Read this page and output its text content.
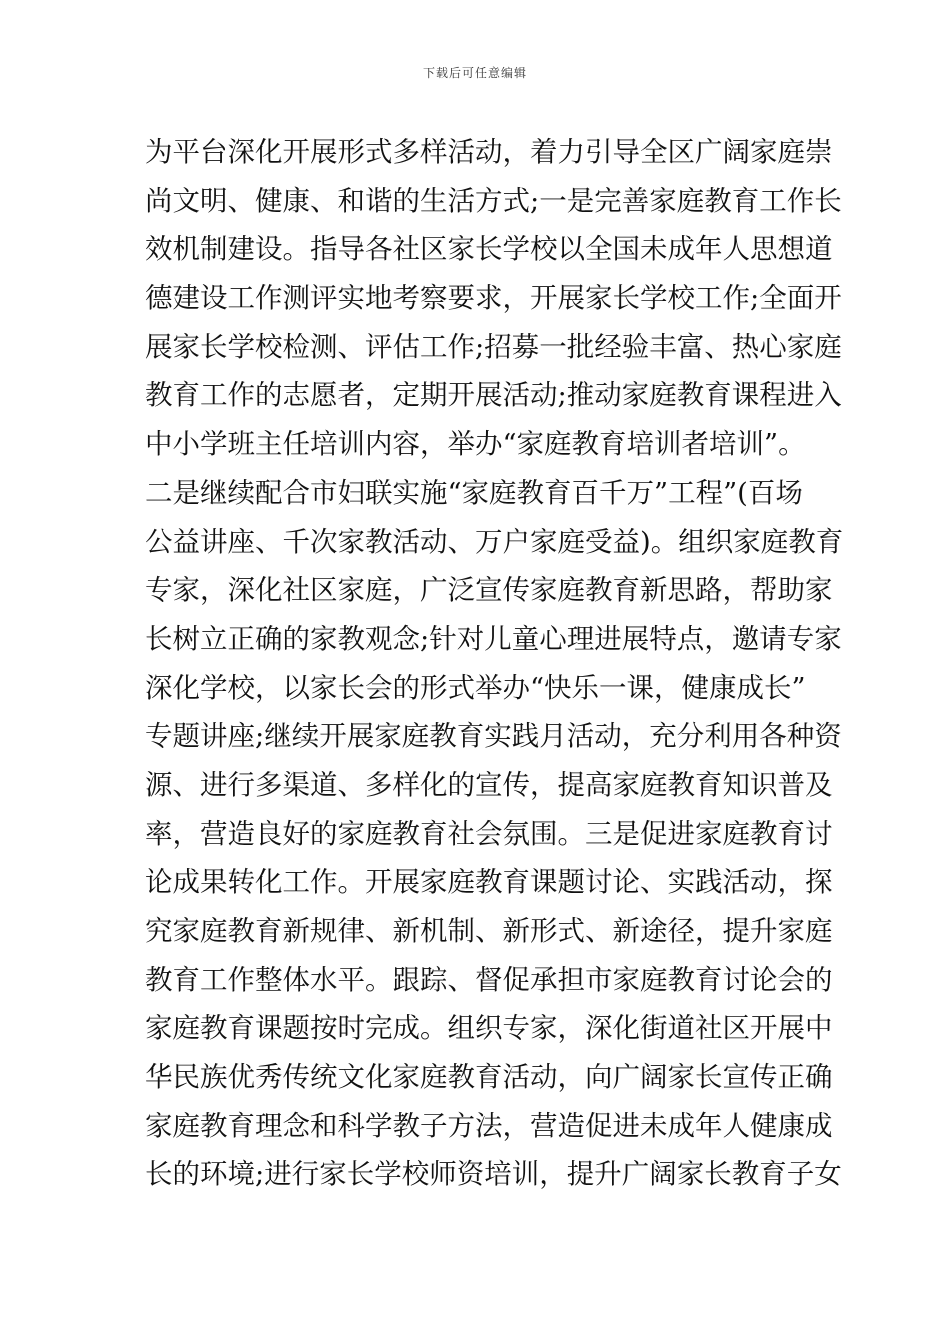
下载后可任意编辑
为平台深化开展形式多样活动，着力引导全区广阔家庭崇
尚文明、健康、和谐的生活方式;一是完善家庭教育工作长
效机制建设。指导各社区家长学校以全国未成年人思想道
德建设工作测评实地考察要求，开展家长学校工作;全面开
展家长学校检测、评估工作;招募一批经验丰富、热心家庭
教育工作的志愿者，定期开展活动;推动家庭教育课程进入
中小学班主任培训内容，举办“家庭教育培训者培训”。
二是继续配合市妇联实施“家庭教育百千万”工程”(百场
公益讲座、千次家教活动、万户家庭受益)。组织家庭教育
专家，深化社区家庭，广泛宣传家庭教育新思路，帮助家
长树立正确的家教观念;针对儿童心理进展特点，邀请专家
深化学校，以家长会的形式举办“快乐一课，健康成长”
专题讲座;继续开展家庭教育实践月活动，充分利用各种资
源、进行多渠道、多样化的宣传，提高家庭教育知识普及
率，营造良好的家庭教育社会氛围。三是促进家庭教育讨
论成果转化工作。开展家庭教育课题讨论、实践活动，探
究家庭教育新规律、新机制、新形式、新途径，提升家庭
教育工作整体水平。跟踪、督促承担市家庭教育讨论会的
家庭教育课题按时完成。组织专家，深化街道社区开展中
华民族优秀传统文化家庭教育活动，向广阔家长宣传正确
家庭教育理念和科学教子方法，营造促进未成年人健康成
长的环境;进行家长学校师资培训，提升广阔家长教育子女
